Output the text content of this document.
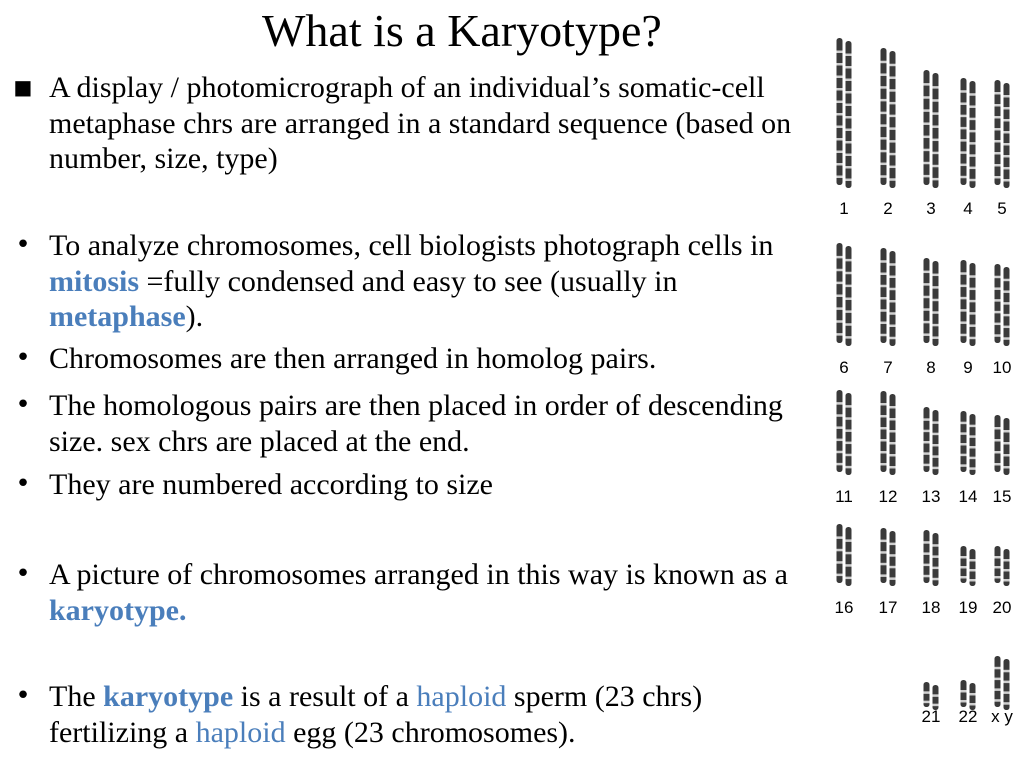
What is a Karyotype?
■ A display / photomicrograph of an individual’s somatic-cell metaphase chrs are arranged in a standard sequence (based on number, size, type)
• To analyze chromosomes, cell biologists photograph cells in mitosis =fully condensed and easy to see (usually in metaphase).
• Chromosomes are then arranged in homolog pairs.
• The homologous pairs are then placed in order of descending size. sex chrs are placed at the end.
• They are numbered according to size
• A picture of chromosomes arranged in this way is known as a karyotype.
• The karyotype is a result of a haploid sperm (23 chrs) fertilizing a haploid egg (23 chromosomes).
1 2 3 4 5
6 7 8 9 10
11 12 13 14 15
16 17 18 19 20
21 22 x y
